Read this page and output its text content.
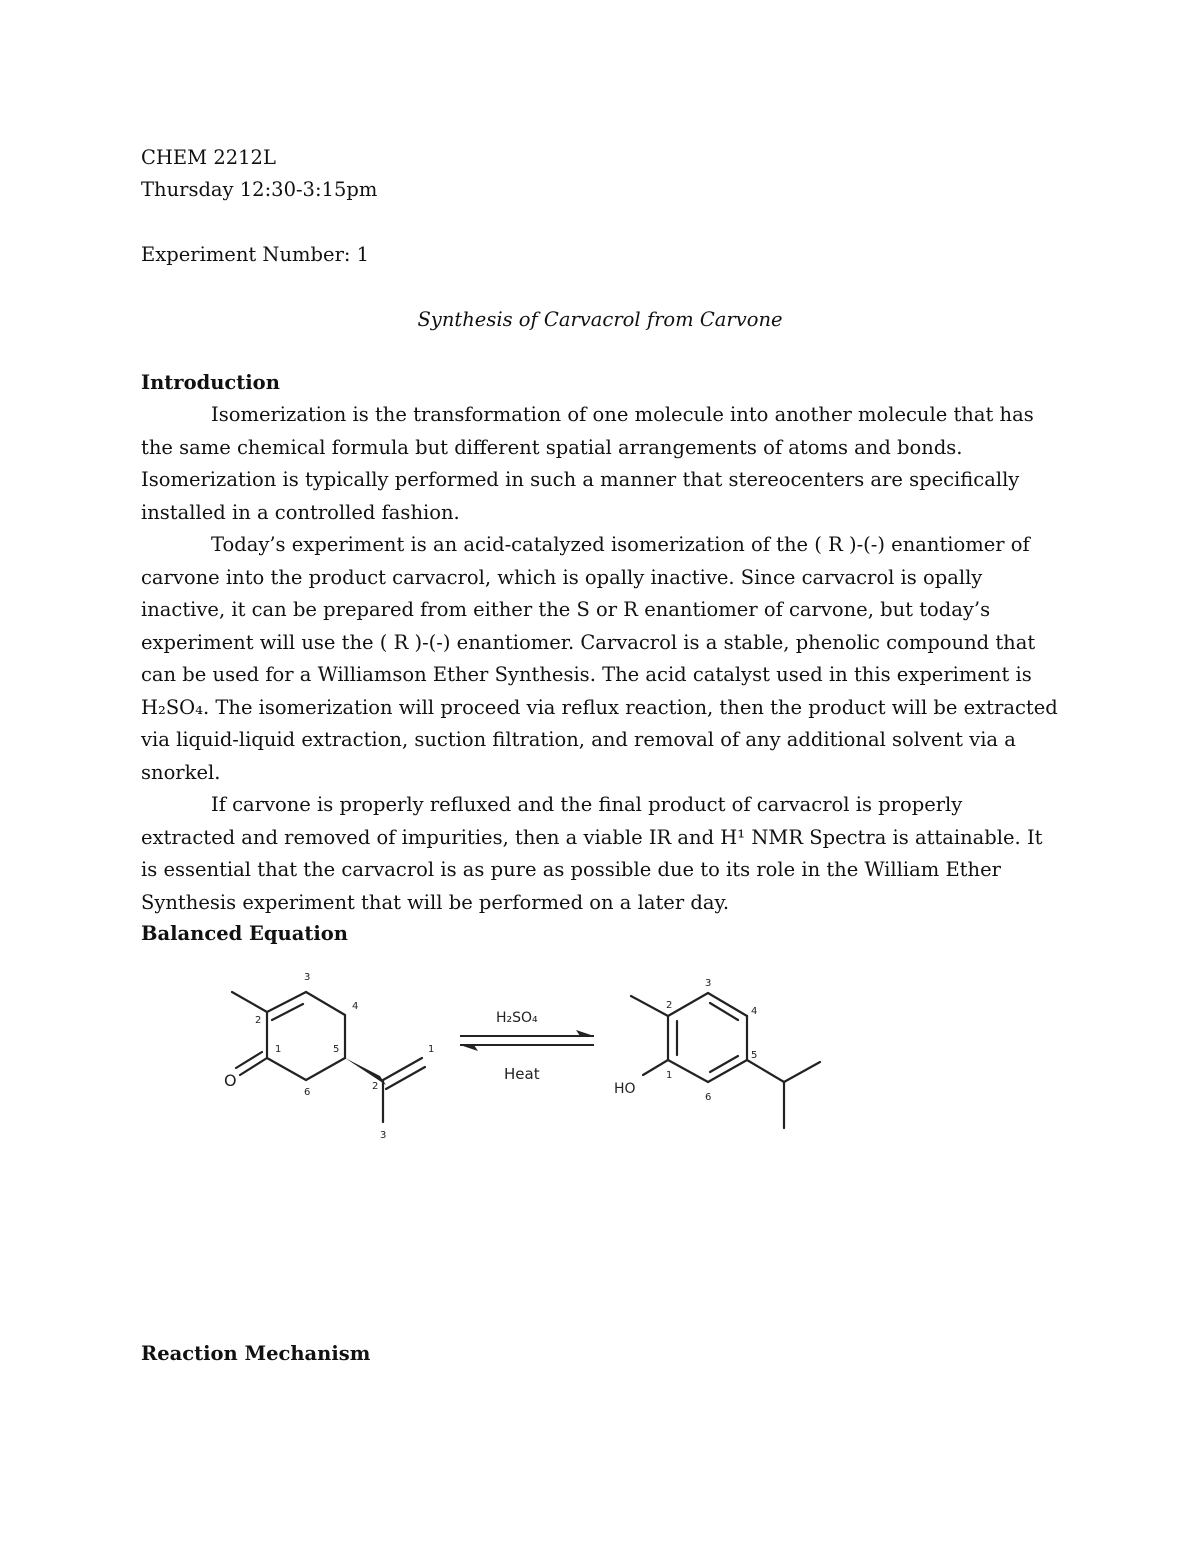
CHEM 2212L
Thursday 12:30-3:15pm
Experiment Number: 1
Synthesis of Carvacrol from Carvone
Introduction

Isomerization is the transformation of one molecule into another molecule that has the same chemical formula but different spatial arrangements of atoms and bonds. Isomerization is typically performed in such a manner that stereocenters are specifically installed in a controlled fashion.

Today’s experiment is an acid-catalyzed isomerization of the ( R )-(-) enantiomer of carvone into the product carvacrol, which is opally inactive. Since carvacrol is opally inactive, it can be prepared from either the S or R enantiomer of carvone, but today’s experiment will use the ( R )-(-) enantiomer. Carvacrol is a stable, phenolic compound that can be used for a Williamson Ether Synthesis. The acid catalyst used in this experiment is H₂SO₄. The isomerization will proceed via reflux reaction, then the product will be extracted via liquid-liquid extraction, suction filtration, and removal of any additional solvent via a snorkel.

If carvone is properly refluxed and the final product of carvacrol is properly extracted and removed of impurities, then a viable IR and H¹ NMR Spectra is attainable. It is essential that the carvacrol is as pure as possible due to its role in the William Ether Synthesis experiment that will be performed on a later day.

Balanced Equation
O
1
2
3
4
5
6
1
2
3
H₂SO₄
Heat
HO
1
2
3
4
5
6
Reaction Mechanism
